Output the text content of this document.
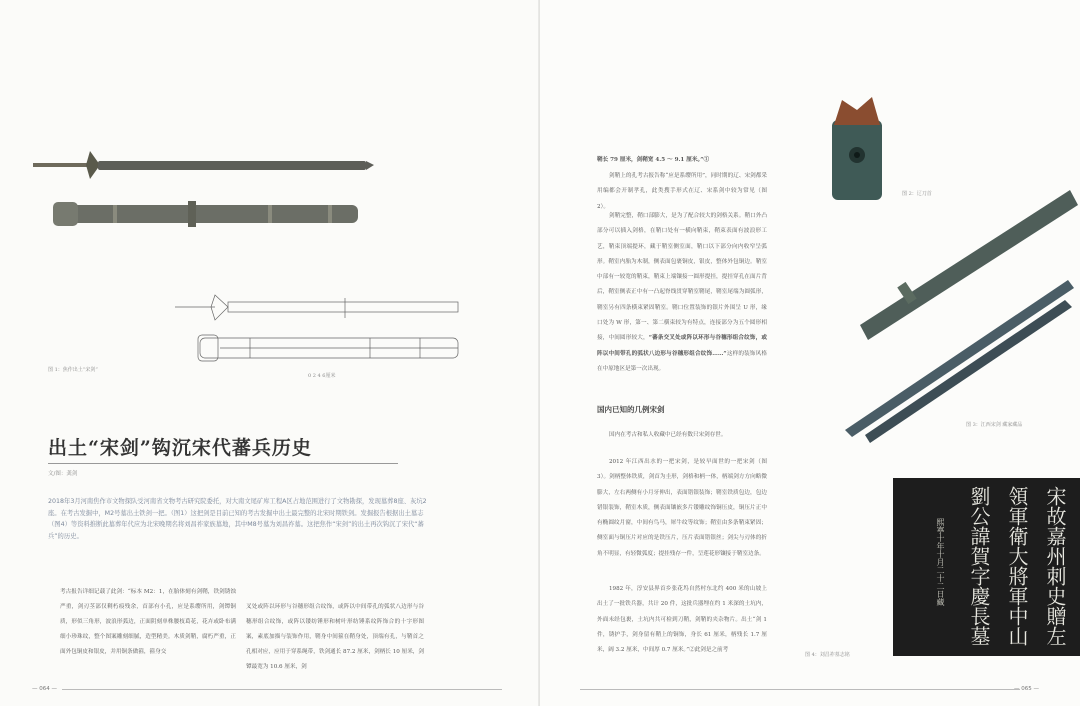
图 1：焦作出土“宋剑”
0 2 4 6厘米
出土“宋剑”钩沉宋代蕃兵历史
文/图：龚剑
2018年3月河南焦作市文物探队受河南省文物考古研究院委托，对大南文尾矿库工程A区占地范围进行了文物勘探，发现墓葬8座、灰坑2座。在考古发掘中，M2号墓出土铁剑一把。（图1）这把剑是目前已知的考古发掘中出土最完整的北宋时期铁剑。发掘报告根据出土墓志（图4）等资料推断此墓葬年代应为北宋晚期名将刘昌祚家族墓地，其中M8号墓为刘昌祚墓。这把焦作“宋剑”的出土再次钩沉了宋代“蕃兵”的历史。
考古报告详细记载了此剑：“标本 M2：1，在胎体刻有剑鞘，铁剑锈蚀严重，剑刃茎部仅剩朽痕残余，首部有小孔，应是系缨所用，剑镡铜质，形似三角形，波浪形弧边，正面阴刻单株腰枝葛花，花卉或卧布满细小珍珠纹，整个图案雕刻细腻，造型精美。木质剑鞘，腐朽严重，正面外包铜皮和银皮，并用铜条做箍，箍身交
叉处或阵以环形与谷穗形组合纹饰，或阵以中间带孔的弧状八边形与谷穗形组合纹饰，或阵以镂纺锤形和树叶形纺锤系纹阵饰合的十字形图案，素底加描与装饰作用，鞘身中间箍在鞘身处，顶端有孔，与鞘首之孔相对应，应用于穿系绳带，铁剑通长 87.2 厘米，剑柄长 10 厘米，剑镡最宽为 10.6 厘米，剑
— 064 —
鞘长 79 厘米，剑鞘宽 4.5 ～ 9.1 厘米。”①
剑鞘上的孔考古报告称“应是系缨所用”，同时期的辽、宋剑都采用编都会开制孝孔，此类搜手形式在辽、宋系剑中较为常见（图 2）。
剑鞘完整，鞘口部膨大，是为了配合较大的剑格关系。鞘口外凸部分可以插入剑格，在鞘口处有一横向鞘束，鞘束表面有波浪形工艺，鞘束顶端提环，藏于鞘室侧室面，鞘口以下部分向内收窄呈弧形。鞘室内胎为木制，侧表面包裹铜皮，银皮，整体外包铜边。鞘室中部有一较宽的鞘束，鞘束上端镶接一圆形提挂，提挂穿孔在面片背后，鞘室侧表正中有一凸起脊线贯穿鞘室鞘尾，鞘室尾端为圆弧形，鞘室另有四条横束紧固鞘室。鞘口位置装饰的银片外围呈 U 形，缘口处为 W 形，第一、第二横束较为有特点，连接部分为五个圆形相接，中间圆形较大，“蕃条交叉处或阵以环形与谷穗形组合纹饰，或阵以中间带孔的弧状八边形与谷穗形组合纹饰……”这样的装饰风格在中原地区是第一次出现。
国内已知的几例宋剑
国内在考古和私人收藏中已经有数只宋剑存世。
2012 年江西出水的一把宋剑，是较早面世的一把宋剑（图 3）。剑柄整体铁质，剑首为圭形，剑格和柄一体，柄端剑方方向略微膨大，左右两侧有小月牙伸出，表面错银装饰；鞘室铁质包边，包边错银装饰，鞘室木质，侧表面镶嵌多片镂雕纹饰铜压皮，铜压片正中有椭圆纹月窗，中间有鸟马，犀牛纹等纹饰；鞘室由多条鞘束紧固；侧室面与铜压片对应的是铁压片，压片表面错银丝；剑尖与刃体的折角不明显，有轻微弧度；提挂残存一件，呈莲花形镶接于鞘室边条。
1982 年，淳安县界首乡张花坞自然村东北约 400 米的山坡上出土了一批铁兵器，共计 20 件，这批兵器埋在约 1 米深的土坑内，外面未经包裹，土坑内共可检到刀鞘，剑鞘的夹杂物片。出土“剑 1 件，锈护手，剑身留有鞘上的铜饰，身长 61 厘米，柄残长 1.7 厘米，阔 3.2 厘米，中间厚 0.7 厘米。”②此剑是之前考
图 2：辽刀首
图 3：江西宋剑 藏家藏品
宋故嘉州刺史贈左
領軍衛大將軍中山
劉公諱賀字慶長墓
熙寧十年十月二十二日藏
图 4：刘昌祚墓志铭
— 065 —
